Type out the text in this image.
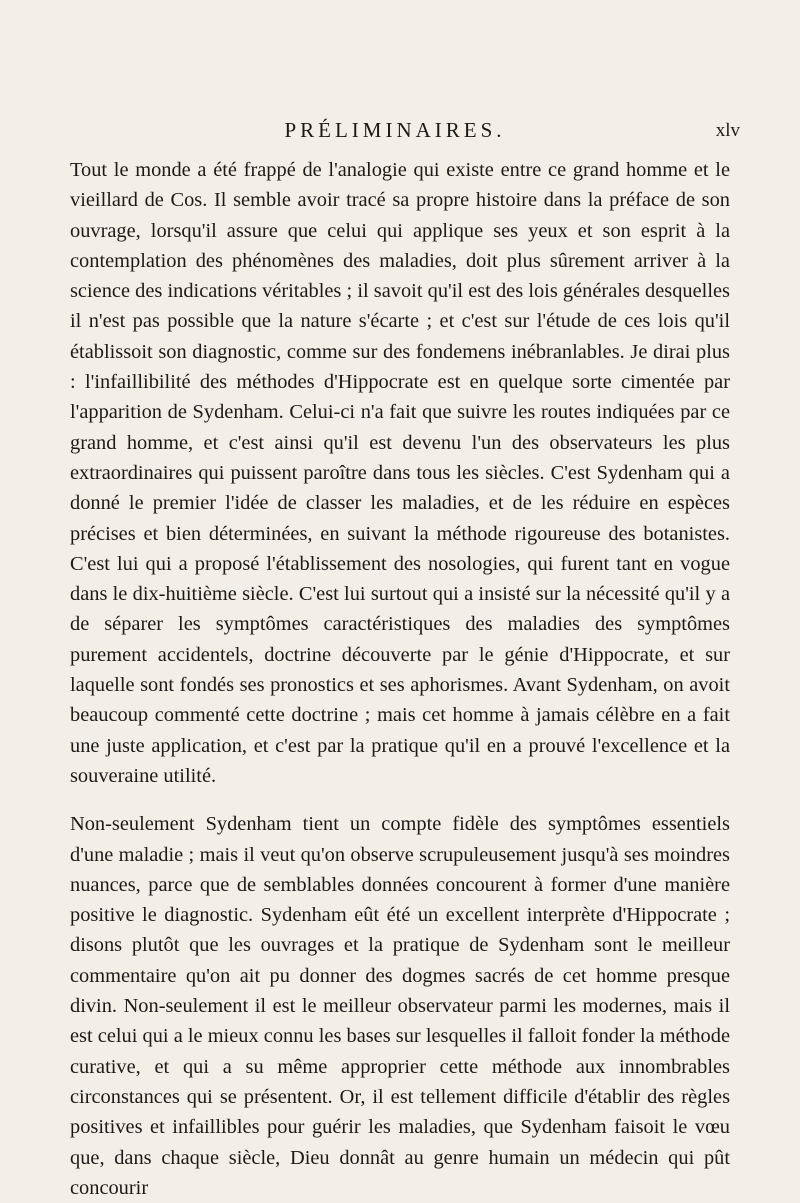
PRÉLIMINAIRES.	xlv

Tout le monde a été frappé de l'analogie qui existe entre ce grand homme et le vieillard de Cos. Il semble avoir tracé sa propre histoire dans la préface de son ouvrage, lorsqu'il assure que celui qui applique ses yeux et son esprit à la contemplation des phénomènes des maladies, doit plus sûrement arriver à la science des indications véritables ; il savoit qu'il est des lois générales desquelles il n'est pas possible que la nature s'écarte ; et c'est sur l'étude de ces lois qu'il établissoit son diagnostic, comme sur des fondemens inébranlables. Je dirai plus : l'infaillibilité des méthodes d'Hippocrate est en quelque sorte cimentée par l'apparition de Sydenham. Celui-ci n'a fait que suivre les routes indiquées par ce grand homme, et c'est ainsi qu'il est devenu l'un des observateurs les plus extraordinaires qui puissent paroître dans tous les siècles. C'est Sydenham qui a donné le premier l'idée de classer les maladies, et de les réduire en espèces précises et bien déterminées, en suivant la méthode rigoureuse des botanistes. C'est lui qui a proposé l'établissement des nosologies, qui furent tant en vogue dans le dix-huitième siècle. C'est lui surtout qui a insisté sur la nécessité qu'il y a de séparer les symptômes caractéristiques des maladies des symptômes purement accidentels, doctrine découverte par le génie d'Hippocrate, et sur laquelle sont fondés ses pronostics et ses aphorismes. Avant Sydenham, on avoit beaucoup commenté cette doctrine ; mais cet homme à jamais célèbre en a fait une juste application, et c'est par la pratique qu'il en a prouvé l'excellence et la souveraine utilité.

Non-seulement Sydenham tient un compte fidèle des symptômes essentiels d'une maladie ; mais il veut qu'on observe scrupuleusement jusqu'à ses moindres nuances, parce que de semblables données concourent à former d'une manière positive le diagnostic. Sydenham eût été un excellent interprète d'Hippocrate ; disons plutôt que les ouvrages et la pratique de Sydenham sont le meilleur commentaire qu'on ait pu donner des dogmes sacrés de cet homme presque divin. Non-seulement il est le meilleur observateur parmi les modernes, mais il est celui qui a le mieux connu les bases sur lesquelles il falloit fonder la méthode curative, et qui a su même approprier cette méthode aux innombrables circonstances qui se présentent. Or, il est tellement difficile d'établir des règles positives et infaillibles pour guérir les maladies, que Sydenham faisoit le vœu que, dans chaque siècle, Dieu donnât au genre humain un médecin qui pût concourir
